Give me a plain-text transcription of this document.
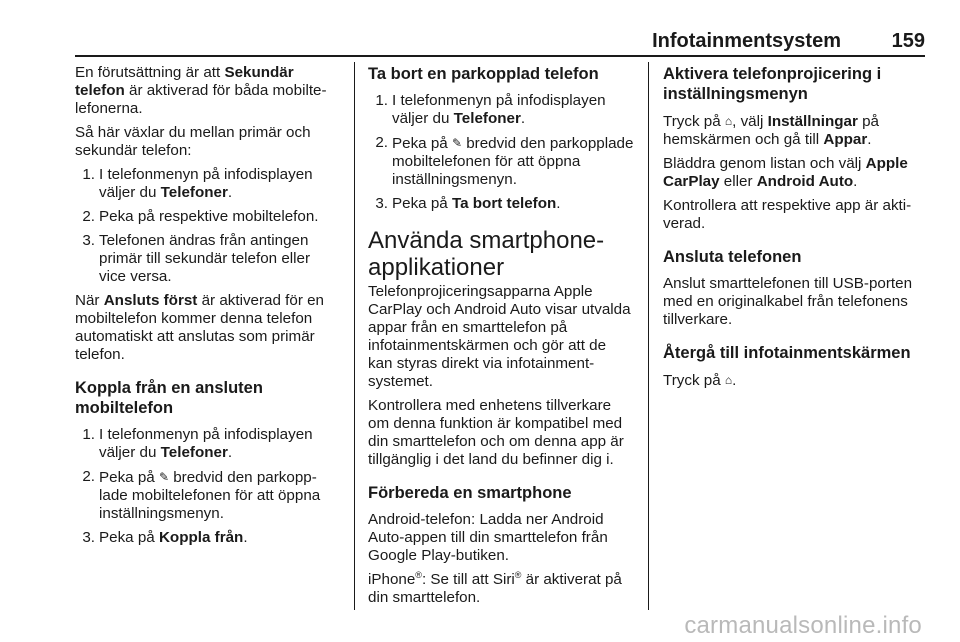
Infotainmentsystem	159

En förutsättning är att Sekundär telefon är aktiverad för båda mobiltelefonerna.

Så här växlar du mellan primär och sekundär telefon:

1. I telefonmenyn på infodisplayen väljer du Telefoner.
2. Peka på respektive mobiltelefon.
3. Telefonen ändras från antingen primär till sekundär telefon eller vice versa.

När Ansluts först är aktiverad för en mobiltelefon kommer denna telefon automatiskt att anslutas som primär telefon.

Koppla från en ansluten mobiltelefon
1. I telefonmenyn på infodisplayen väljer du Telefoner.
2. Peka på ✎ bredvid den parkopplade mobiltelefonen för att öppna inställningsmenyn.
3. Peka på Koppla från.
Ta bort en parkopplad telefon
1. I telefonmenyn på infodisplayen väljer du Telefoner.
2. Peka på ✎ bredvid den parkopplade mobiltelefonen för att öppna inställningsmenyn.
3. Peka på Ta bort telefon.
Använda smartphone-applikationer

Telefonprojiceringsapparna Apple CarPlay och Android Auto visar utvalda appar från en smarttelefon på infotainmentskärmen och gör att de kan styras direkt via infotainmentsystemet.

Kontrollera med enhetens tillverkare om denna funktion är kompatibel med din smarttelefon och om denna app är tillgänglig i det land du befinner dig i.

Förbereda en smartphone

Android-telefon: Ladda ner Android Auto-appen till din smarttelefon från Google Play-butiken.

iPhone®: Se till att Siri® är aktiverat på din smarttelefon.

Aktivera telefonprojicering i inställningsmenyn

Tryck på ⌂, välj Inställningar på hemskärmen och gå till Appar.

Bläddra genom listan och välj Apple CarPlay eller Android Auto.

Kontrollera att respektive app är aktiverad.

Ansluta telefonen

Anslut smarttelefonen till USB-porten med en originalkabel från telefonens tillverkare.

Återgå till infotainmentskärmen

Tryck på ⌂.

carmanualsonline.info
